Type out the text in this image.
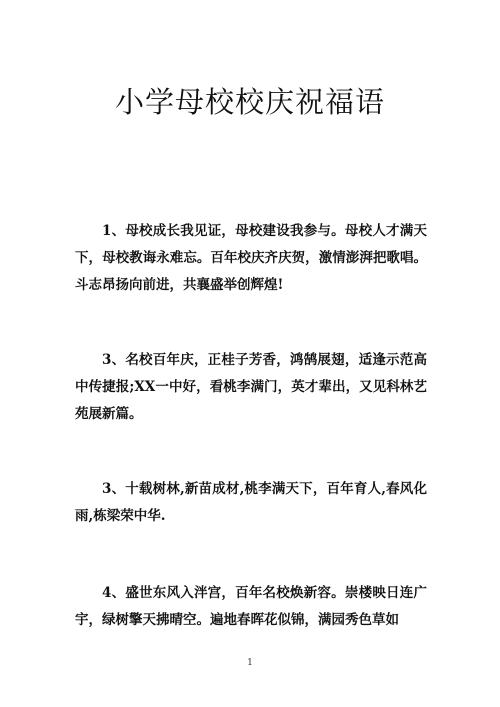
小学母校校庆祝福语

1、母校成长我见证，母校建设我参与。母校人才满天下，母校教诲永难忘。百年校庆齐庆贺，激情澎湃把歌唱。斗志昂扬向前进，共襄盛举创辉煌!

3、名校百年庆，正桂子芳香，鸿鹄展翅，适逢示范高中传捷报;XX一中好，看桃李满门，英才辈出，又见科林艺苑展新篇。

3、十载树林,新苗成材,桃李满天下，百年育人,春风化雨,栋梁荣中华.

4、盛世东风入泮宫，百年名校焕新容。崇楼映日连广宇，绿树擎天拂晴空。遍地春晖花似锦，满园秀色草如

1
